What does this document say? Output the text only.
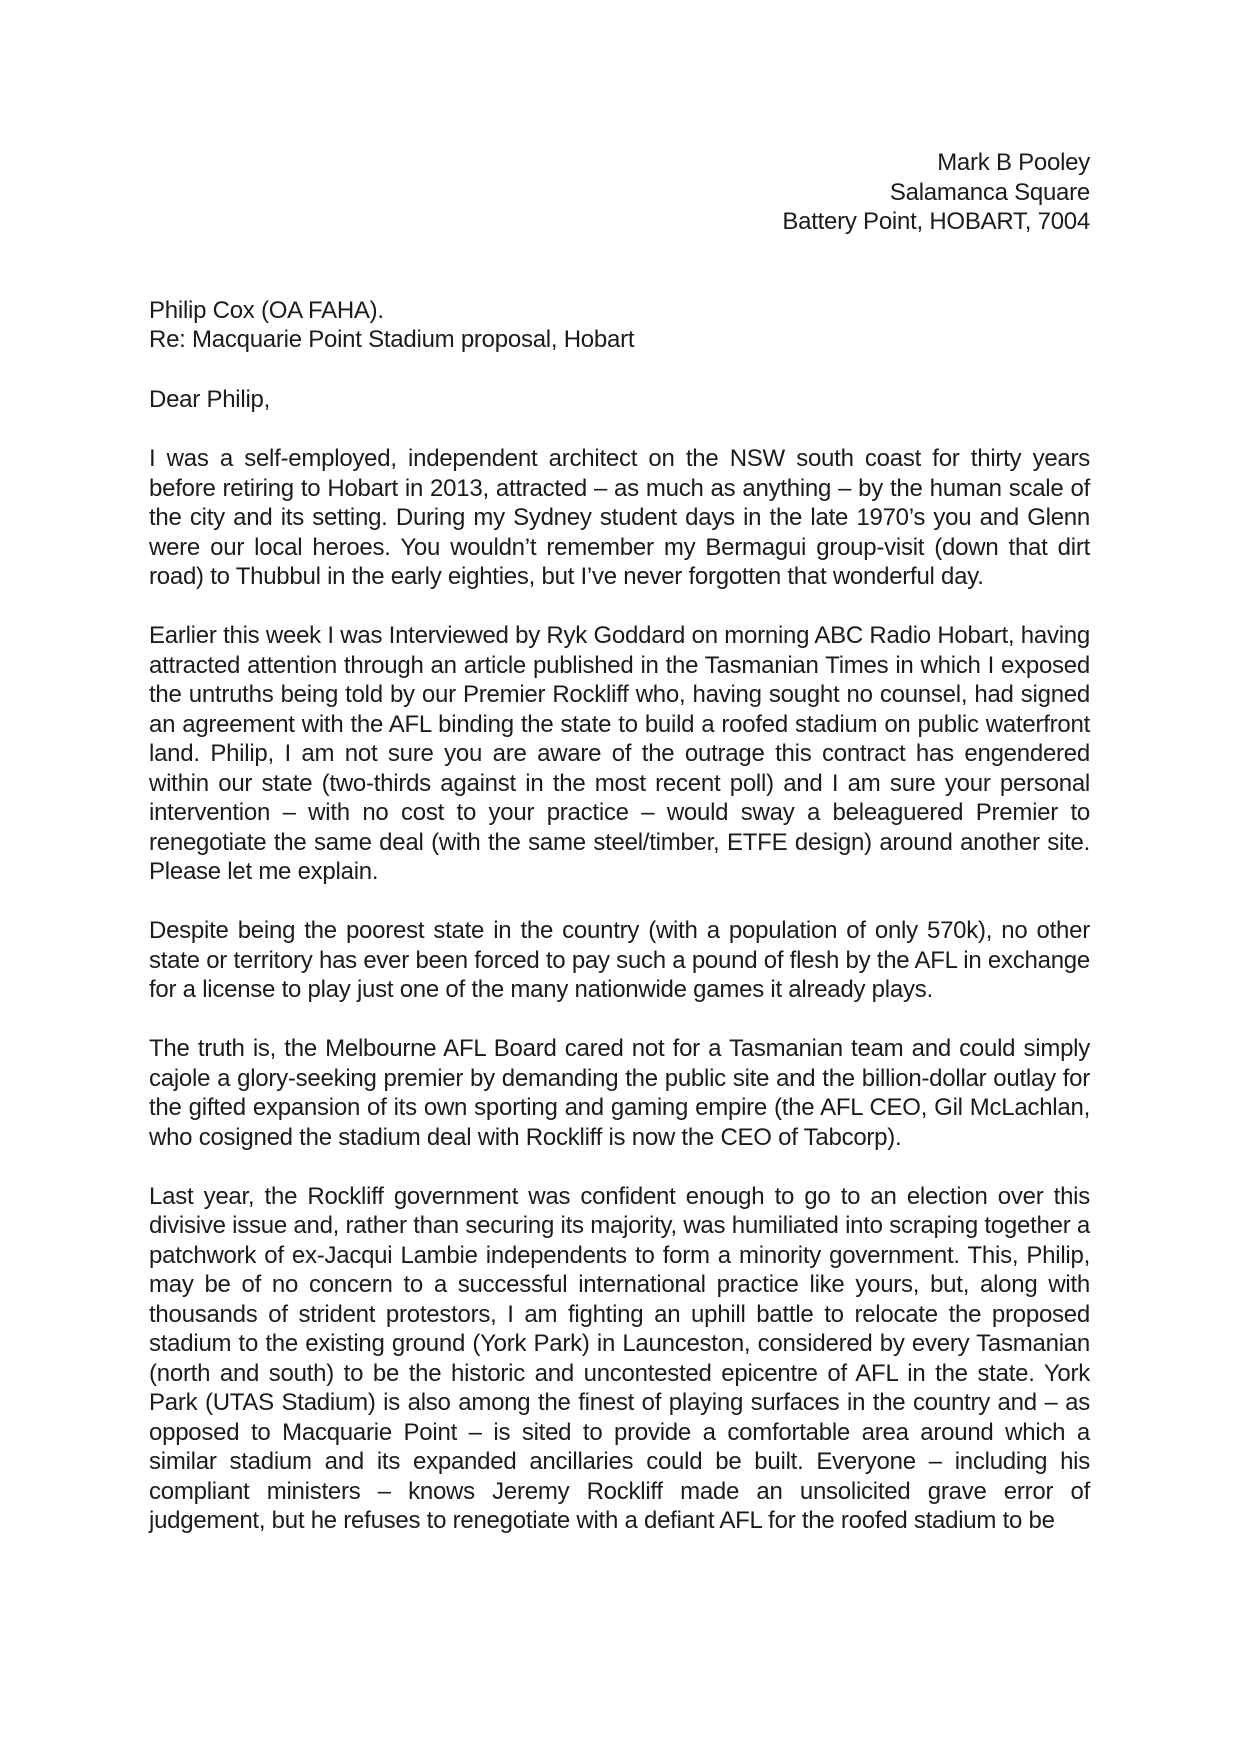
Mark B Pooley
Salamanca Square
Battery Point, HOBART, 7004
Philip Cox (OA FAHA).
Re: Macquarie Point Stadium proposal, Hobart
Dear Philip,
I was a self-employed, independent architect on the NSW south coast for thirty years before retiring to Hobart in 2013, attracted – as much as anything – by the human scale of the city and its setting. During my Sydney student days in the late 1970’s you and Glenn were our local heroes. You wouldn’t remember my Bermagui group-visit (down that dirt road) to Thubbul in the early eighties, but I’ve never forgotten that wonderful day.
Earlier this week I was Interviewed by Ryk Goddard on morning ABC Radio Hobart, having attracted attention through an article published in the Tasmanian Times in which I exposed the untruths being told by our Premier Rockliff who, having sought no counsel, had signed an agreement with the AFL binding the state to build a roofed stadium on public waterfront land. Philip, I am not sure you are aware of the outrage this contract has engendered within our state (two-thirds against in the most recent poll) and I am sure your personal intervention – with no cost to your practice – would sway a beleaguered Premier to renegotiate the same deal (with the same steel/timber, ETFE design) around another site. Please let me explain.
Despite being the poorest state in the country (with a population of only 570k), no other state or territory has ever been forced to pay such a pound of flesh by the AFL in exchange for a license to play just one of the many nationwide games it already plays.
The truth is, the Melbourne AFL Board cared not for a Tasmanian team and could simply cajole a glory-seeking premier by demanding the public site and the billion-dollar outlay for the gifted expansion of its own sporting and gaming empire (the AFL CEO, Gil McLachlan, who cosigned the stadium deal with Rockliff is now the CEO of Tabcorp).
Last year, the Rockliff government was confident enough to go to an election over this divisive issue and, rather than securing its majority, was humiliated into scraping together a patchwork of ex-Jacqui Lambie independents to form a minority government. This, Philip, may be of no concern to a successful international practice like yours, but, along with thousands of strident protestors, I am fighting an uphill battle to relocate the proposed stadium to the existing ground (York Park) in Launceston, considered by every Tasmanian (north and south) to be the historic and uncontested epicentre of AFL in the state. York Park (UTAS Stadium) is also among the finest of playing surfaces in the country and – as opposed to Macquarie Point – is sited to provide a comfortable area around which a similar stadium and its expanded ancillaries could be built. Everyone – including his compliant ministers – knows Jeremy Rockliff made an unsolicited grave error of judgement, but he refuses to renegotiate with a defiant AFL for the roofed stadium to be
